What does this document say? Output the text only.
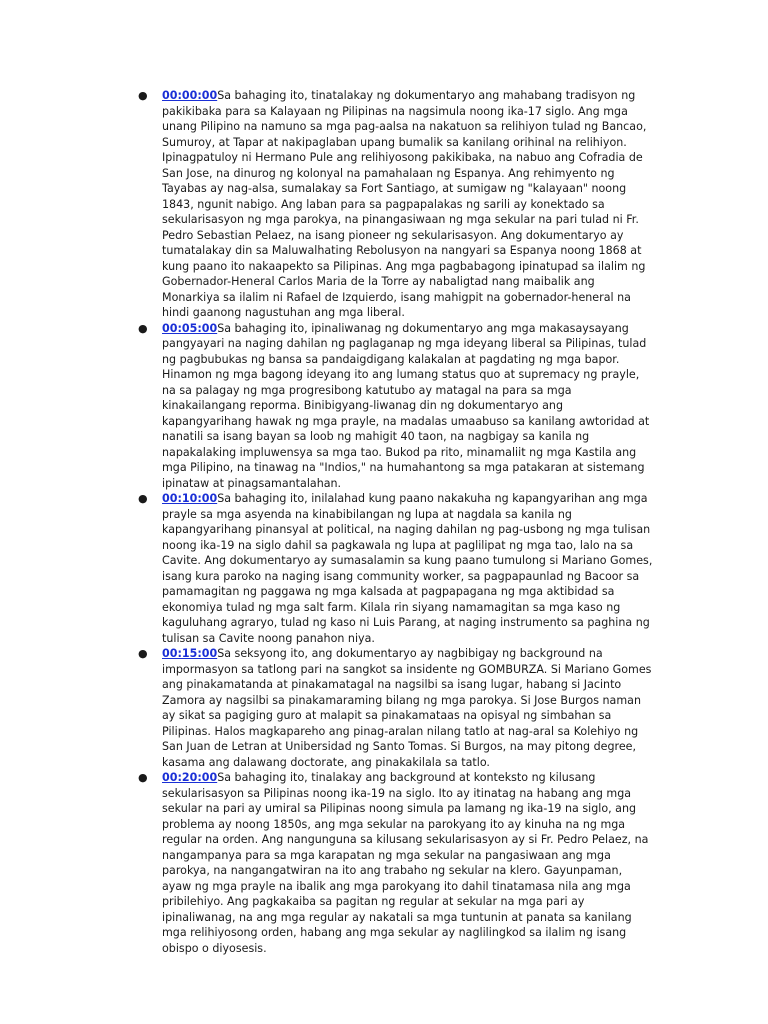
● 00:00:00Sa bahaging ito, tinatalakay ng dokumentaryo ang mahabang tradisyon ng pakikibaka para sa Kalayaan ng Pilipinas na nagsimula noong ika-17 siglo. Ang mga unang Pilipino na namuno sa mga pag-aalsa na nakatuon sa relihiyon tulad ng Bancao, Sumuroy, at Tapar at nakipaglaban upang bumalik sa kanilang orihinal na relihiyon. Ipinagpatuloy ni Hermano Pule ang relihiyosong pakikibaka, na nabuo ang Cofradia de San Jose, na dinurog ng kolonyal na pamahalaan ng Espanya. Ang rehimyento ng Tayabas ay nag-alsa, sumalakay sa Fort Santiago, at sumigaw ng "kalayaan" noong 1843, ngunit nabigo. Ang laban para sa pagpapalakas ng sarili ay konektado sa sekularisasyon ng mga parokya, na pinangasiwaan ng mga sekular na pari tulad ni Fr. Pedro Sebastian Pelaez, na isang pioneer ng sekularisasyon. Ang dokumentaryo ay tumatalakay din sa Maluwalhating Rebolusyon na nangyari sa Espanya noong 1868 at kung paano ito nakaapekto sa Pilipinas. Ang mga pagbabagong ipinatupad sa ilalim ng Gobernador-Heneral Carlos Maria de la Torre ay nabaligtad nang maibalik ang Monarkiya sa ilalim ni Rafael de Izquierdo, isang mahigpit na gobernador-heneral na hindi gaanong nagustuhan ang mga liberal.
● 00:05:00Sa bahaging ito, ipinaliwanag ng dokumentaryo ang mga makasaysayang pangyayari na naging dahilan ng paglaganap ng mga ideyang liberal sa Pilipinas, tulad ng pagbubukas ng bansa sa pandaigdigang kalakalan at pagdating ng mga bapor. Hinamon ng mga bagong ideyang ito ang lumang status quo at supremacy ng prayle, na sa palagay ng mga progresibong katutubo ay matagal na para sa mga kinakailangang reporma. Binibigyang-liwanag din ng dokumentaryo ang kapangyarihang hawak ng mga prayle, na madalas umaabuso sa kanilang awtoridad at nanatili sa isang bayan sa loob ng mahigit 40 taon, na nagbigay sa kanila ng napakalaking impluwensya sa mga tao. Bukod pa rito, minamaliit ng mga Kastila ang mga Pilipino, na tinawag na "Indios," na humahantong sa mga patakaran at sistemang ipinataw at pinagsamantalahan.
● 00:10:00Sa bahaging ito, inilalahad kung paano nakakuha ng kapangyarihan ang mga prayle sa mga asyenda na kinabibilangan ng lupa at nagdala sa kanila ng kapangyarihang pinansyal at political, na naging dahilan ng pag-usbong ng mga tulisan noong ika-19 na siglo dahil sa pagkawala ng lupa at paglilipat ng mga tao, lalo na sa Cavite. Ang dokumentaryo ay sumasalamin sa kung paano tumulong si Mariano Gomes, isang kura paroko na naging isang community worker, sa pagpapaunlad ng Bacoor sa pamamagitan ng paggawa ng mga kalsada at pagpapagana ng mga aktibidad sa ekonomiya tulad ng mga salt farm. Kilala rin siyang namamagitan sa mga kaso ng kaguluhang agraryo, tulad ng kaso ni Luis Parang, at naging instrumento sa paghina ng tulisan sa Cavite noong panahon niya.
● 00:15:00Sa seksyong ito, ang dokumentaryo ay nagbibigay ng background na impormasyon sa tatlong pari na sangkot sa insidente ng GOMBURZA. Si Mariano Gomes ang pinakamatanda at pinakamatagal na nagsilbi sa isang lugar, habang si Jacinto Zamora ay nagsilbi sa pinakamaraming bilang ng mga parokya. Si Jose Burgos naman ay sikat sa pagiging guro at malapit sa pinakamataas na opisyal ng simbahan sa Pilipinas. Halos magkapareho ang pinag-aralan nilang tatlo at nag-aral sa Kolehiyo ng San Juan de Letran at Unibersidad ng Santo Tomas. Si Burgos, na may pitong degree, kasama ang dalawang doctorate, ang pinakakilala sa tatlo.
● 00:20:00Sa bahaging ito, tinalakay ang background at konteksto ng kilusang sekularisasyon sa Pilipinas noong ika-19 na siglo. Ito ay itinatag na habang ang mga sekular na pari ay umiral sa Pilipinas noong simula pa lamang ng ika-19 na siglo, ang problema ay noong 1850s, ang mga sekular na parokyang ito ay kinuha na ng mga regular na orden. Ang nangunguna sa kilusang sekularisasyon ay si Fr. Pedro Pelaez, na nangampanya para sa mga karapatan ng mga sekular na pangasiwaan ang mga parokya, na nangangatwiran na ito ang trabaho ng sekular na klero. Gayunpaman, ayaw ng mga prayle na ibalik ang mga parokyang ito dahil tinatamasa nila ang mga pribilehiyo. Ang pagkakaiba sa pagitan ng regular at sekular na mga pari ay ipinaliwanag, na ang mga regular ay nakatali sa mga tuntunin at panata sa kanilang mga relihiyosong orden, habang ang mga sekular ay naglilingkod sa ilalim ng isang obispo o diyosesis.
